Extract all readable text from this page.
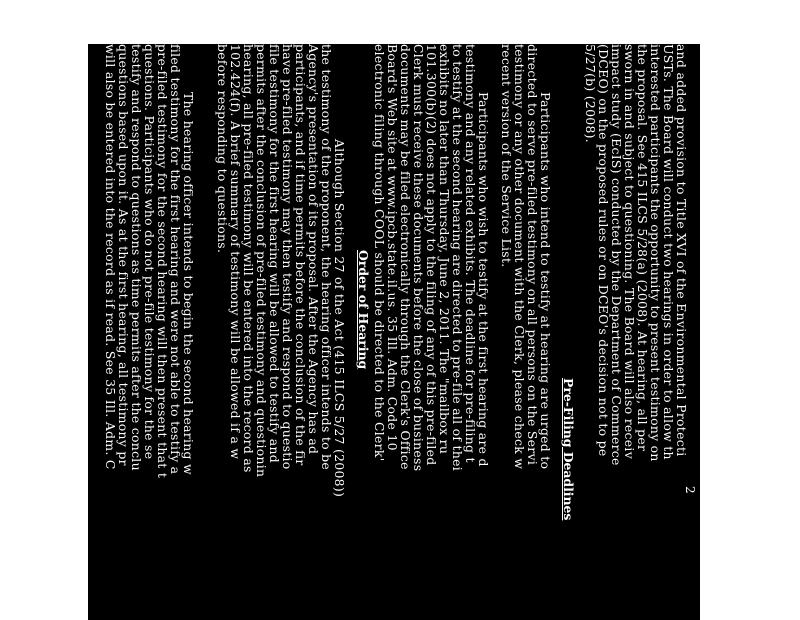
2
and added provision to Title XVI of the Environmental Protecti
USTs. The Board will conduct two hearings in order to allow th
interested participants the opportunity to present testimony on
the proposal. See 415 ILCS 5/28(a) (2008). At hearing, all per
sworn in and subject to questioning. The Board will also receiv
impact study (EcIS) conducted by the Department of Commerce
(DCEO) on the proposed rules or on DCEO's decision not to pe
5/27(b) (2008).
Pre-Filing Deadlines
Participants who intend to testify at hearing are urged to
directed to serve pre-filed testimony on all persons on the Servi
testimony or any other document with the Clerk, please check w
recent version of the Service List.
Participants who wish to testify at the first hearing are d
testimony and any related exhibits. The deadline for pre-filing t
to testify at the second hearing are directed to pre-file all of thei
exhibits no later than Thursday, June 2, 2011. The "mailbox ru
101.300(b)(2) does not apply to the filing of any of this pre-filed
Clerk must receive these documents before the close of business
documents may be filed electronically through the Clerk's Office
Board's Web site at www.ipcb.state.il.us. 35 Ill. Adm. Code 10
electronic filing through COOL should be directed to the Clerk'
Order of Hearing
Although Section 27 of the Act (415 ILCS 5/27 (2008))
the testimony of the proponent, the hearing officer intends to be
Agency's presentation of its proposal. After the Agency has ad
participants, and if time permits before the conclusion of the fir
have pre-filed testimony may then testify and respond to questio
file testimony for the first hearing will be allowed to testify and
permits after the conclusion of pre-filed testimony and questionin
hearing, all pre-filed testimony will be entered into the record as
102.424(f). A brief summary of testimony will be allowed if a w
before responding to questions.
The hearing officer intends to begin the second hearing w
filed testimony for the first hearing and were not able to testify a
pre-filed testimony for the second hearing will then present that t
questions. Participants who do not pre-file testimony for the se
testify and respond to questions as time permits after the conclu
questions based upon it. As at the first hearing, all testimony pr
will also be entered into the record as if read. See 35 Ill. Adm. C
